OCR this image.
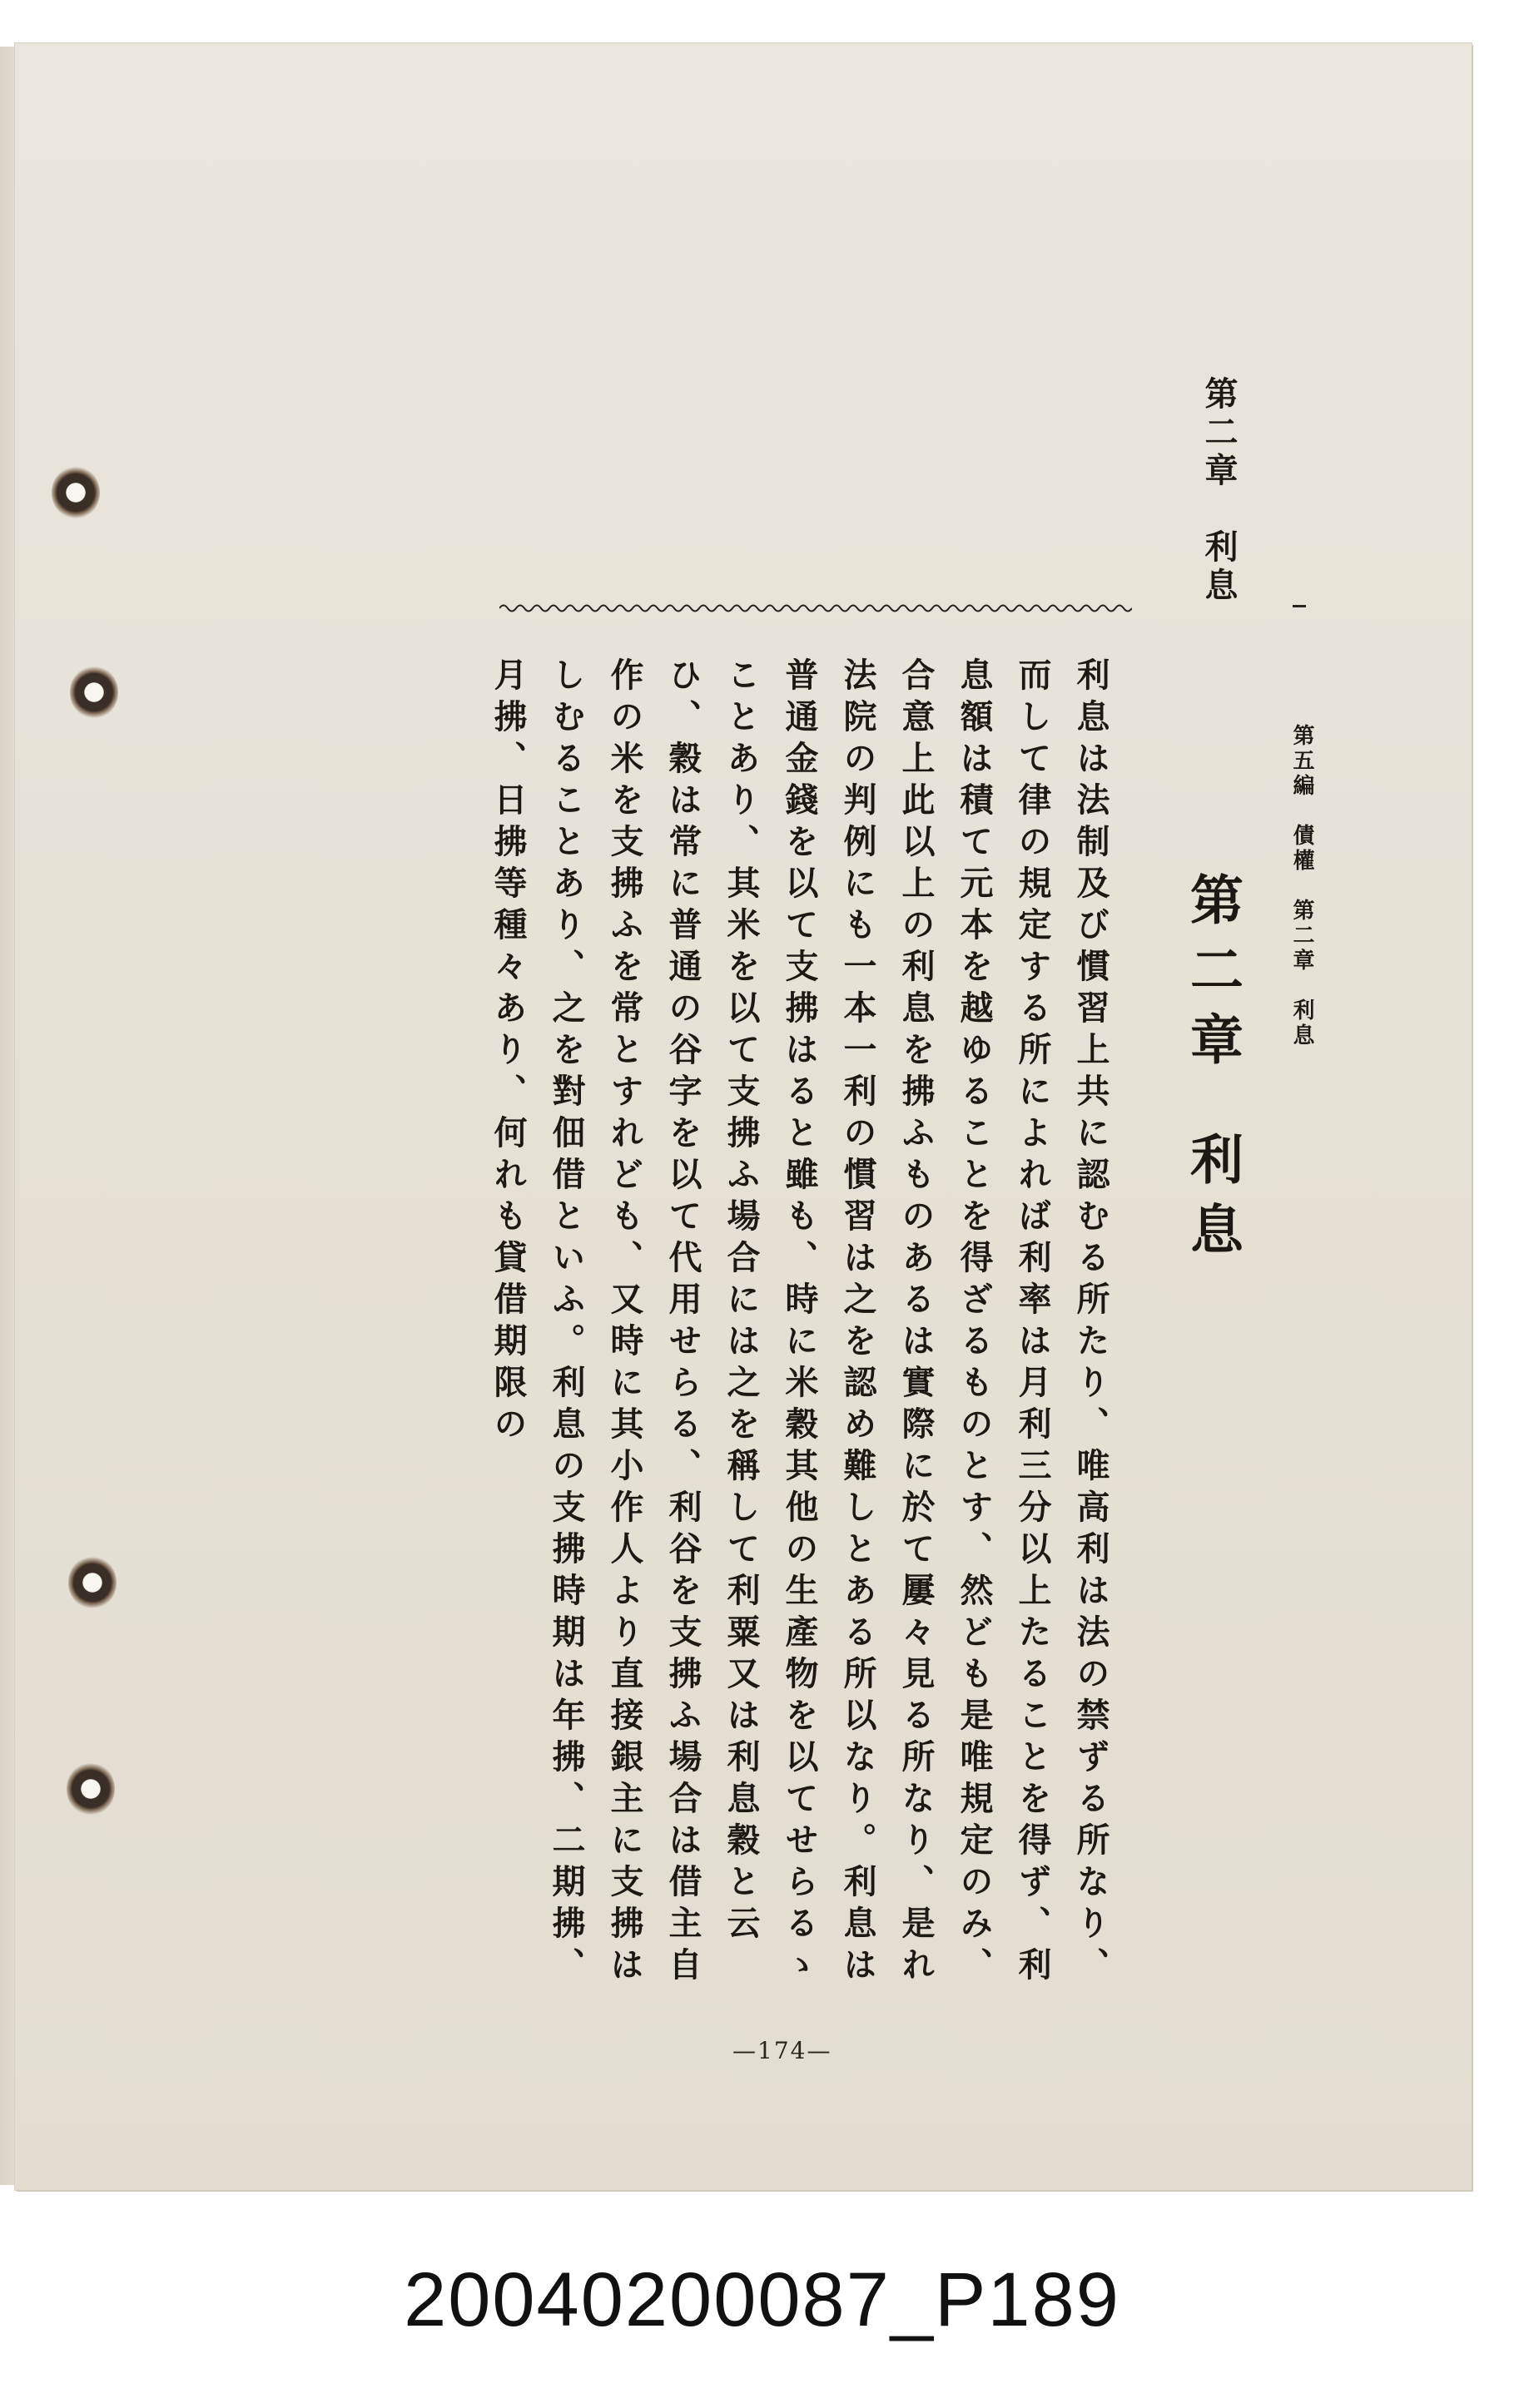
第二章　利息
第五編　債權　第二章　利息
第二章利息
利息は法制及び慣習上共に認むる所たり、唯高利は法の禁ずる所なり、而して律の規定する所によれば利率は月利三分以上たることを得ず、利息額は積て元本を越ゆることを得ざるものとす、然ども是唯規定のみ、合意上此以上の利息を拂ふものあるは實際に於て屢々見る所なり、是れ法院の判例にも一本一利の慣習は之を認め難しとある所以なり。利息は普通金錢を以て支拂はると雖も、時に米穀其他の生產物を以てせらるゝことあり、其米を以て支拂ふ場合には之を稱して利粟又は利息穀と云ひ、穀は常に普通の谷字を以て代用せらる、利谷を支拂ふ場合は借主自作の米を支拂ふを常とすれども、又時に其小作人より直接銀主に支拂はしむることあり、之を對佃借といふ。利息の支拂時期は年拂、二期拂、月拂、日拂等種々あり、何れも貸借期限の
—174—
20040200087_P189
